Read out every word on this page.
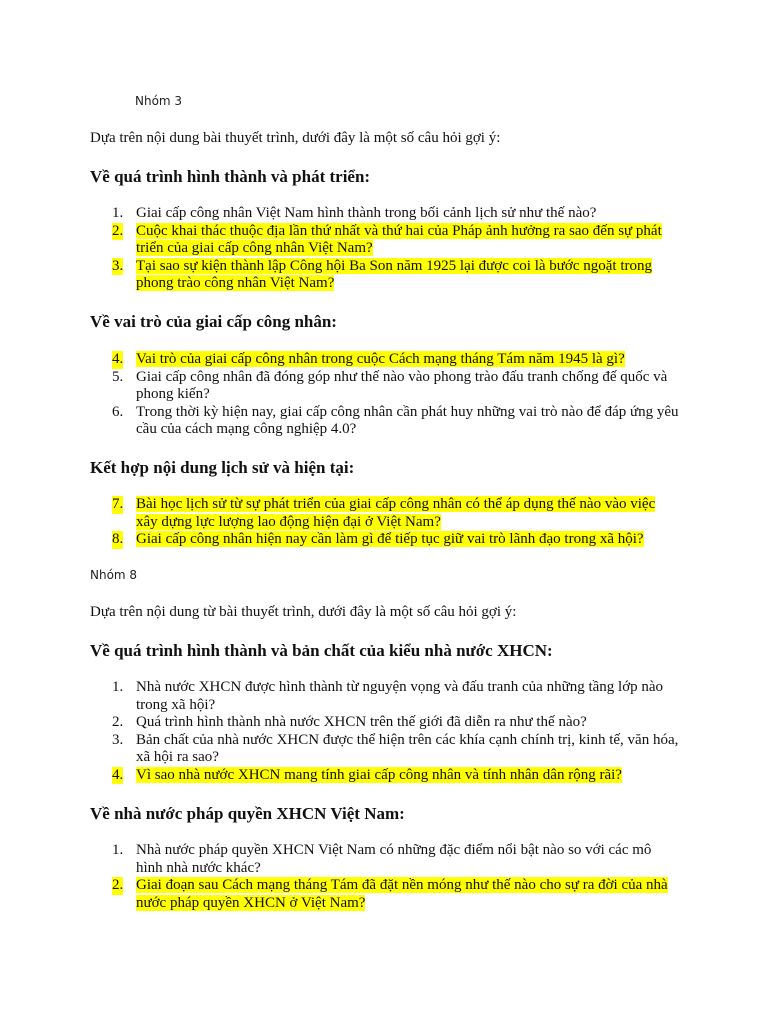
Nhóm 3
Dựa trên nội dung bài thuyết trình, dưới đây là một số câu hỏi gợi ý:
Về quá trình hình thành và phát triển:
1. Giai cấp công nhân Việt Nam hình thành trong bối cảnh lịch sử như thế nào?
2. Cuộc khai thác thuộc địa lần thứ nhất và thứ hai của Pháp ảnh hưởng ra sao đến sự phát triển của giai cấp công nhân Việt Nam?
3. Tại sao sự kiện thành lập Công hội Ba Son năm 1925 lại được coi là bước ngoặt trong phong trào công nhân Việt Nam?
Về vai trò của giai cấp công nhân:
4. Vai trò của giai cấp công nhân trong cuộc Cách mạng tháng Tám năm 1945 là gì?
5. Giai cấp công nhân đã đóng góp như thế nào vào phong trào đấu tranh chống đế quốc và phong kiến?
6. Trong thời kỳ hiện nay, giai cấp công nhân cần phát huy những vai trò nào để đáp ứng yêu cầu của cách mạng công nghiệp 4.0?
Kết hợp nội dung lịch sử và hiện tại:
7. Bài học lịch sử từ sự phát triển của giai cấp công nhân có thể áp dụng thế nào vào việc xây dựng lực lượng lao động hiện đại ở Việt Nam?
8. Giai cấp công nhân hiện nay cần làm gì để tiếp tục giữ vai trò lãnh đạo trong xã hội?
Nhóm 8
Dựa trên nội dung từ bài thuyết trình, dưới đây là một số câu hỏi gợi ý:
Về quá trình hình thành và bản chất của kiểu nhà nước XHCN:
1. Nhà nước XHCN được hình thành từ nguyện vọng và đấu tranh của những tầng lớp nào trong xã hội?
2. Quá trình hình thành nhà nước XHCN trên thế giới đã diễn ra như thế nào?
3. Bản chất của nhà nước XHCN được thể hiện trên các khía cạnh chính trị, kinh tế, văn hóa, xã hội ra sao?
4. Vì sao nhà nước XHCN mang tính giai cấp công nhân và tính nhân dân rộng rãi?
Về nhà nước pháp quyền XHCN Việt Nam:
1. Nhà nước pháp quyền XHCN Việt Nam có những đặc điểm nổi bật nào so với các mô hình nhà nước khác?
2. Giai đoạn sau Cách mạng tháng Tám đã đặt nền móng như thế nào cho sự ra đời của nhà nước pháp quyền XHCN ở Việt Nam?
